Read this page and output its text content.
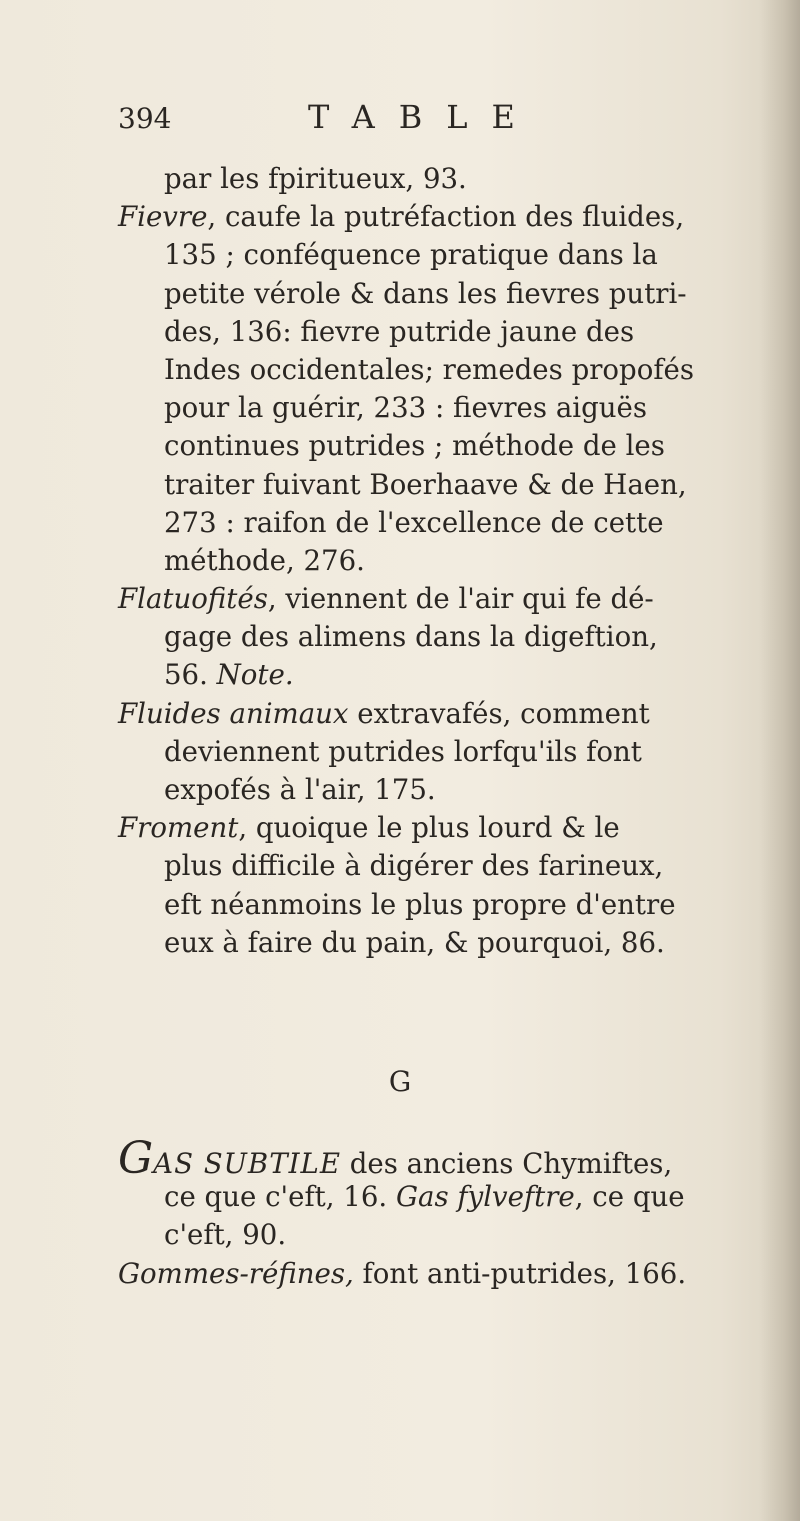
394	TABLE
par les fpiritueux, 93.
Fievre, caufe la putréfaction des fluides,
135 ; conféquence pratique dans la
petite vérole & dans les fievres putri-
des, 136: fievre putride jaune des
Indes occidentales; remedes propofés
pour la guérir, 233 : fievres aiguës
continues putrides ; méthode de les
traiter fuivant Boerhaave & de Haen,
273 : raifon de l'excellence de cette
méthode, 276.
Flatuofités, viennent de l'air qui fe dé-
gage des alimens dans la digeftion,
56. Note.
Fluides animaux extravafés, comment
deviennent putrides lorfqu'ils font
expofés à l'air, 175.
Froment, quoique le plus lourd & le
plus difficile à digérer des farineux,
eft néanmoins le plus propre d'entre
eux à faire du pain, & pourquoi, 86.
G
GAS SUBTILE des anciens Chymiftes,
ce que c'eft, 16. Gas fylveftre, ce que
c'eft, 90.
Gommes-réfines, font anti-putrides, 166.
